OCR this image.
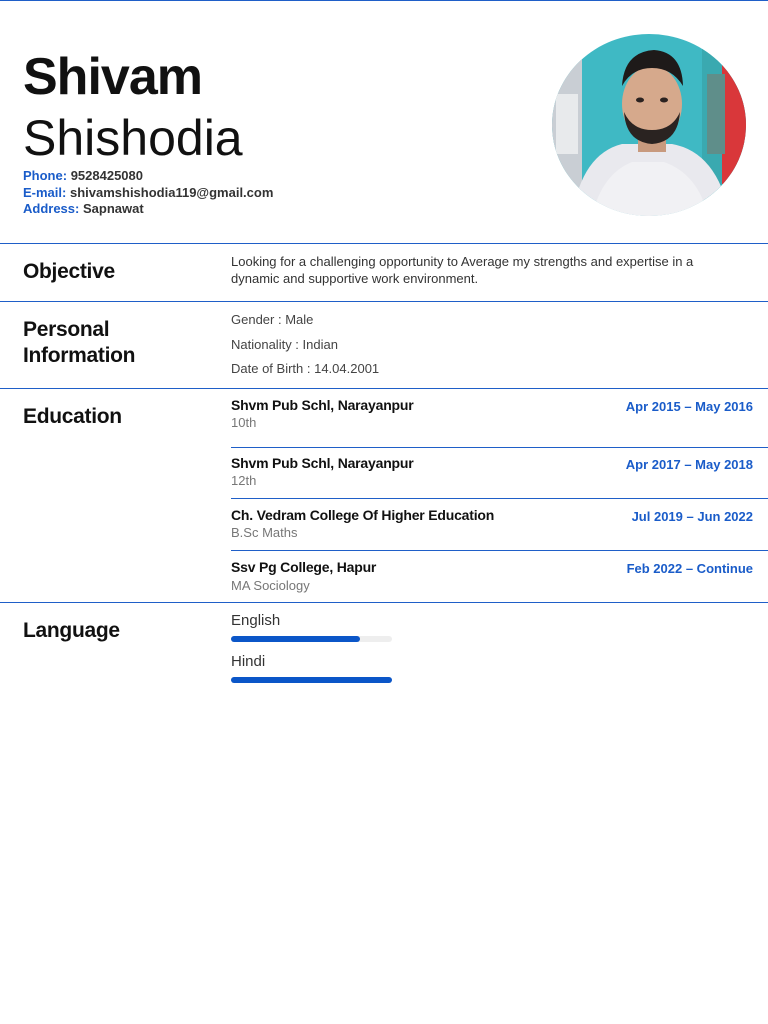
Shivam
Shishodia
Phone: 9528425080
E-mail: shivamshishodia119@gmail.com
Address: Sapnawat
Objective	Looking for a challenging opportunity to Average my strengths and expertise in a dynamic and supportive work environment.
Personal
Information
Gender : Male
Nationality : Indian
Date of Birth : 14.04.2001
Education	Shvm Pub Schl, Narayanpur
10th
Apr 2015 – May 2016
Shvm Pub Schl, Narayanpur
12th
Apr 2017 – May 2018
Ch. Vedram College Of Higher Education
B.Sc Maths
Jul 2019 – Jun 2022
Ssv Pg College, Hapur
MA Sociology
Feb 2022 – Continue
Language	English
Hindi
